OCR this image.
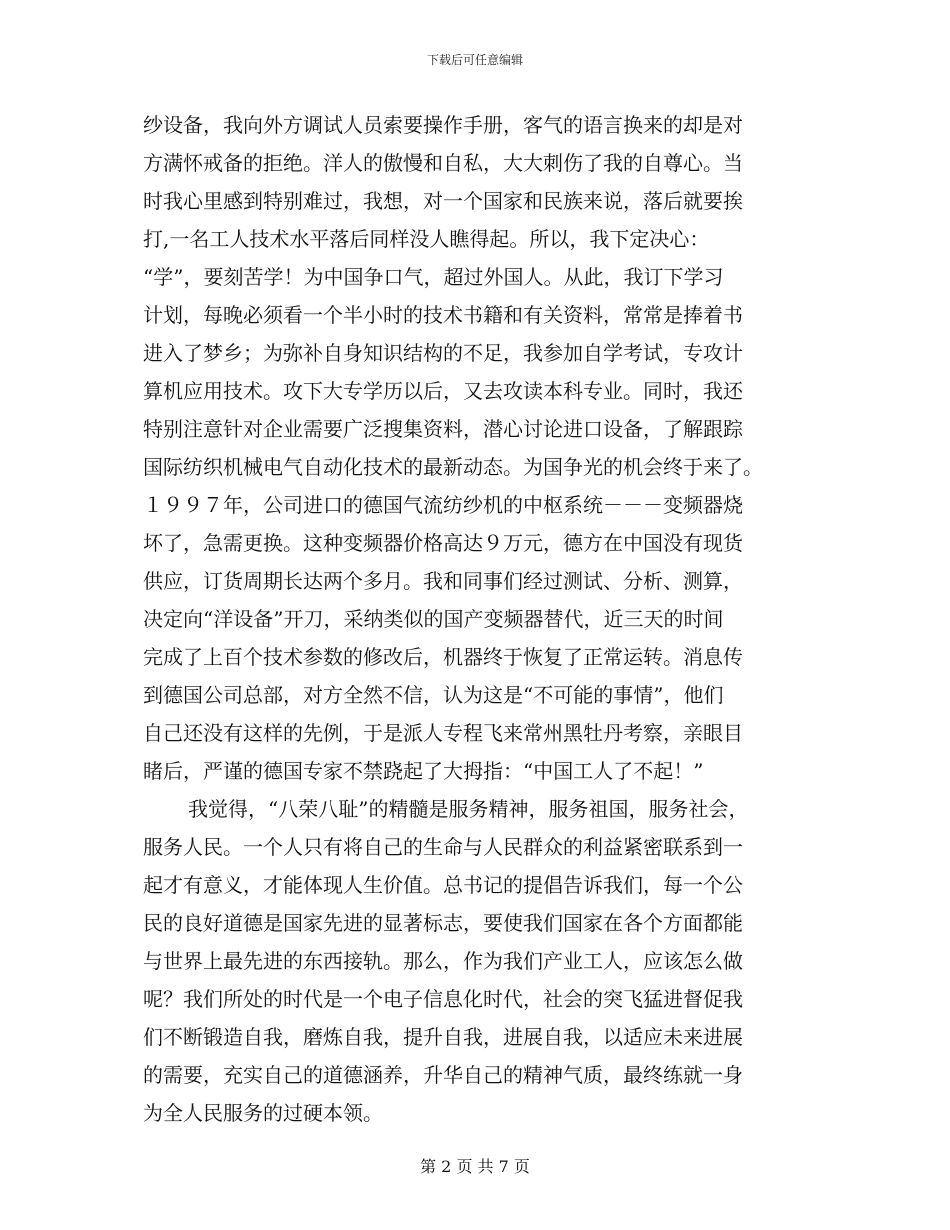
下载后可任意编辑
纱设备，我向外方调试人员索要操作手册，客气的语言换来的却是对
方满怀戒备的拒绝。洋人的傲慢和自私，大大刺伤了我的自尊心。当
时我心里感到特别难过，我想，对一个国家和民族来说，落后就要挨
打,一名工人技术水平落后同样没人瞧得起。所以，我下定决心：
“学”，要刻苦学！为中国争口气，超过外国人。从此，我订下学习
计划，每晚必须看一个半小时的技术书籍和有关资料，常常是捧着书
进入了梦乡；为弥补自身知识结构的不足，我参加自学考试，专攻计
算机应用技术。攻下大专学历以后，又去攻读本科专业。同时，我还
特别注意针对企业需要广泛搜集资料，潜心讨论进口设备，了解跟踪
国际纺织机械电气自动化技术的最新动态。为国争光的机会终于来了。
１９９７年，公司进口的德国气流纺纱机的中枢系统－－－变频器烧
坏了，急需更换。这种变频器价格高达９万元，德方在中国没有现货
供应，订货周期长达两个多月。我和同事们经过测试、分析、测算，
决定向“洋设备”开刀，采纳类似的国产变频器替代，近三天的时间
完成了上百个技术参数的修改后，机器终于恢复了正常运转。消息传
到德国公司总部，对方全然不信，认为这是“不可能的事情”，他们
自己还没有这样的先例，于是派人专程飞来常州黑牡丹考察，亲眼目
睹后，严谨的德国专家不禁跷起了大拇指：“中国工人了不起！”
我觉得，“八荣八耻”的精髓是服务精神，服务祖国，服务社会，
服务人民。一个人只有将自己的生命与人民群众的利益紧密联系到一
起才有意义，才能体现人生价值。总书记的提倡告诉我们，每一个公
民的良好道德是国家先进的显著标志，要使我们国家在各个方面都能
与世界上最先进的东西接轨。那么，作为我们产业工人，应该怎么做
呢？我们所处的时代是一个电子信息化时代，社会的突飞猛进督促我
们不断锻造自我，磨炼自我，提升自我，进展自我，以适应未来进展
的需要，充实自己的道德涵养，升华自己的精神气质，最终练就一身
为全人民服务的过硬本领。
第 2 页 共 7 页
